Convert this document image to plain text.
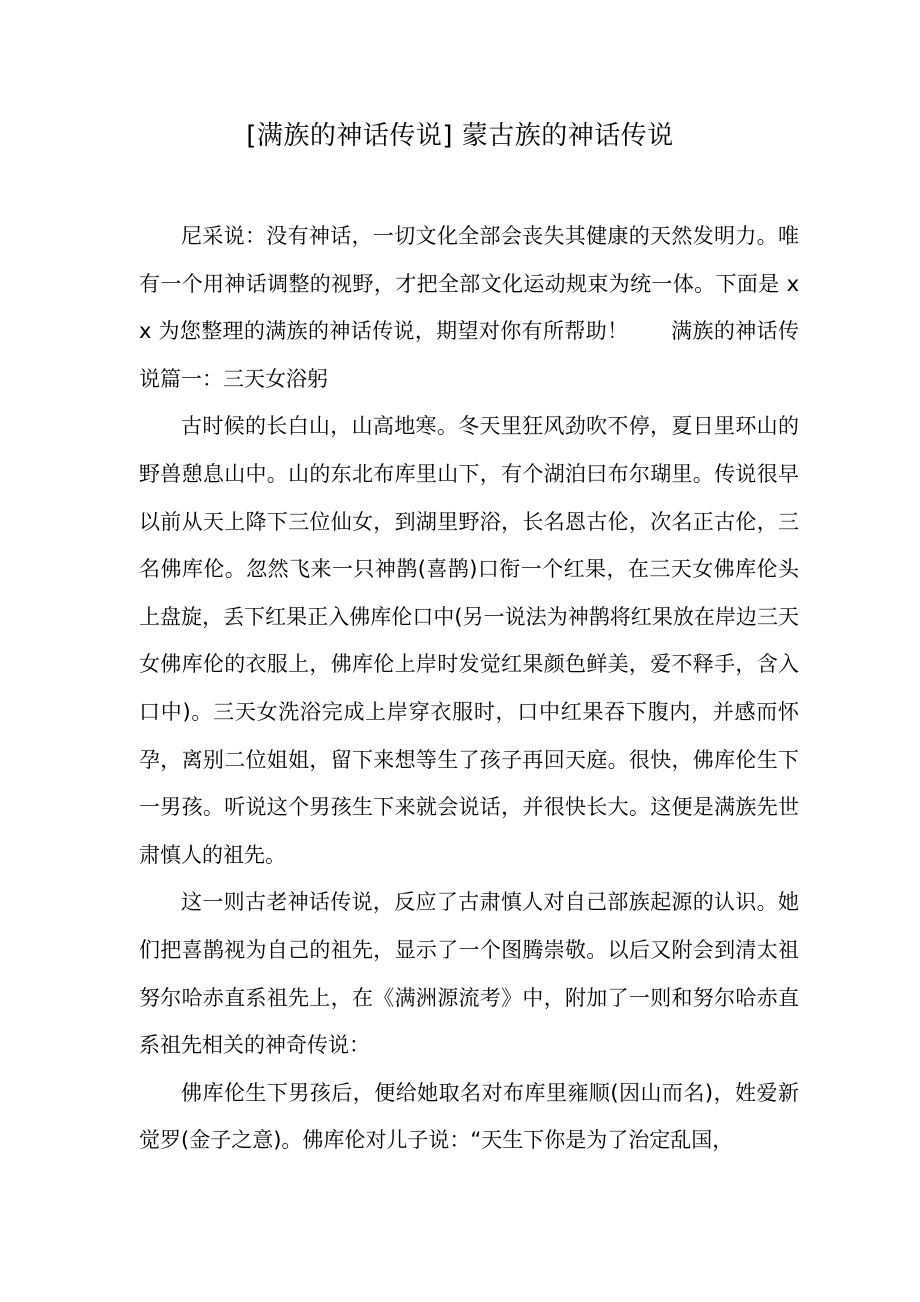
[满族的神话传说] 蒙古族的神话传说

尼采说：没有神话，一切文化全部会丧失其健康的天然发明力。唯有一个用神话调整的视野，才把全部文化运动规束为统一体。下面是 xx 为您整理的满族的神话传说，期望对你有所帮助！　　满族的神话传说篇一：三天女浴躬

古时候的长白山，山高地寒。冬天里狂风劲吹不停，夏日里环山的野兽憩息山中。山的东北布库里山下，有个湖泊曰布尔瑚里。传说很早以前从天上降下三位仙女，到湖里野浴，长名恩古伦，次名正古伦，三名佛库伦。忽然飞来一只神鹊(喜鹊)口衔一个红果，在三天女佛库伦头上盘旋，丢下红果正入佛库伦口中(另一说法为神鹊将红果放在岸边三天女佛库伦的衣服上，佛库伦上岸时发觉红果颜色鲜美，爱不释手，含入口中)。三天女洗浴完成上岸穿衣服时，口中红果吞下腹内，并感而怀孕，离别二位姐姐，留下来想等生了孩子再回天庭。很快，佛库伦生下一男孩。听说这个男孩生下来就会说话，并很快长大。这便是满族先世肃慎人的祖先。

这一则古老神话传说，反应了古肃慎人对自己部族起源的认识。她们把喜鹊视为自己的祖先，显示了一个图腾崇敬。以后又附会到清太祖努尔哈赤直系祖先上，在《满洲源流考》中，附加了一则和努尔哈赤直系祖先相关的神奇传说：

佛库伦生下男孩后，便给她取名对布库里雍顺(因山而名)，姓爱新觉罗(金子之意)。佛库伦对儿子说：“天生下你是为了治定乱国，
